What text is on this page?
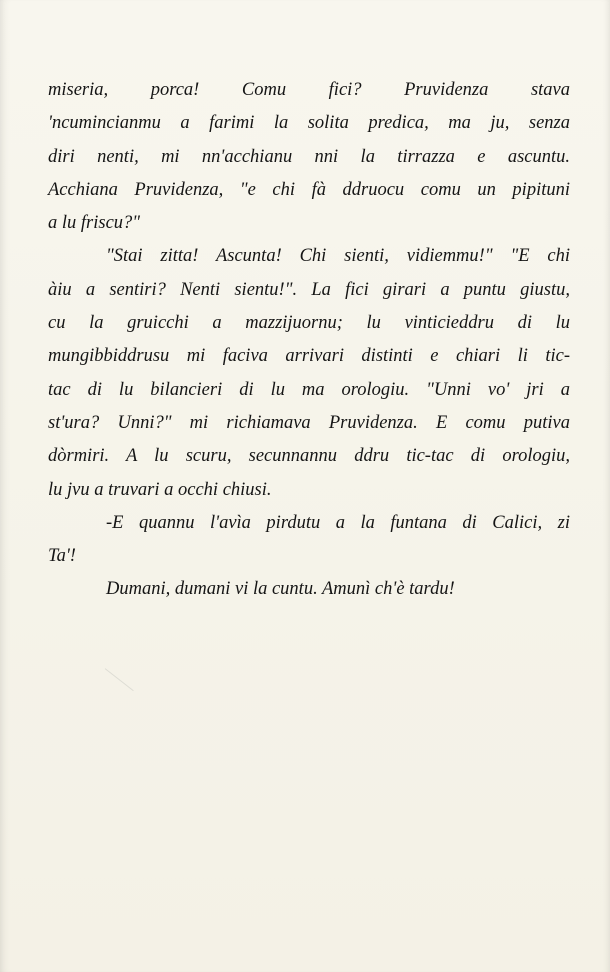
miseria, porca! Comu fici? Pruvidenza stava
'ncumincianmu a farimi la solita predica, ma ju, senza
diri nenti, mi nn'acchianu nni la tirrazza e ascuntu.
Acchiana Pruvidenza, "e chi fà ddruocu comu un pipituni
a lu friscu?"

"Stai zitta! Ascunta! Chi sienti, vidiemmu!" "E chi
àiu a sentiri? Nenti sientu!". La fici girari a puntu giustu,
cu la gruicchi a mazzijuornu; lu vinticieddru di lu
mungibbiddrusu mi faciva arrivari distinti e chiari li tic-
tac di lu bilancieri di lu ma orologiu. "Unni vo' jri a
st'ura? Unni?" mi richiamava Pruvidenza. E comu putiva
dòrmiri. A lu scuru, secunnannu ddru tic-tac di orologiu,
lu jvu a truvari a occhi chiusi.

-E quannu l'avìa pirdutu a la funtana di Calici, zi
Ta'!

Dumani, dumani vi la cuntu. Amunì ch'è tardu!
